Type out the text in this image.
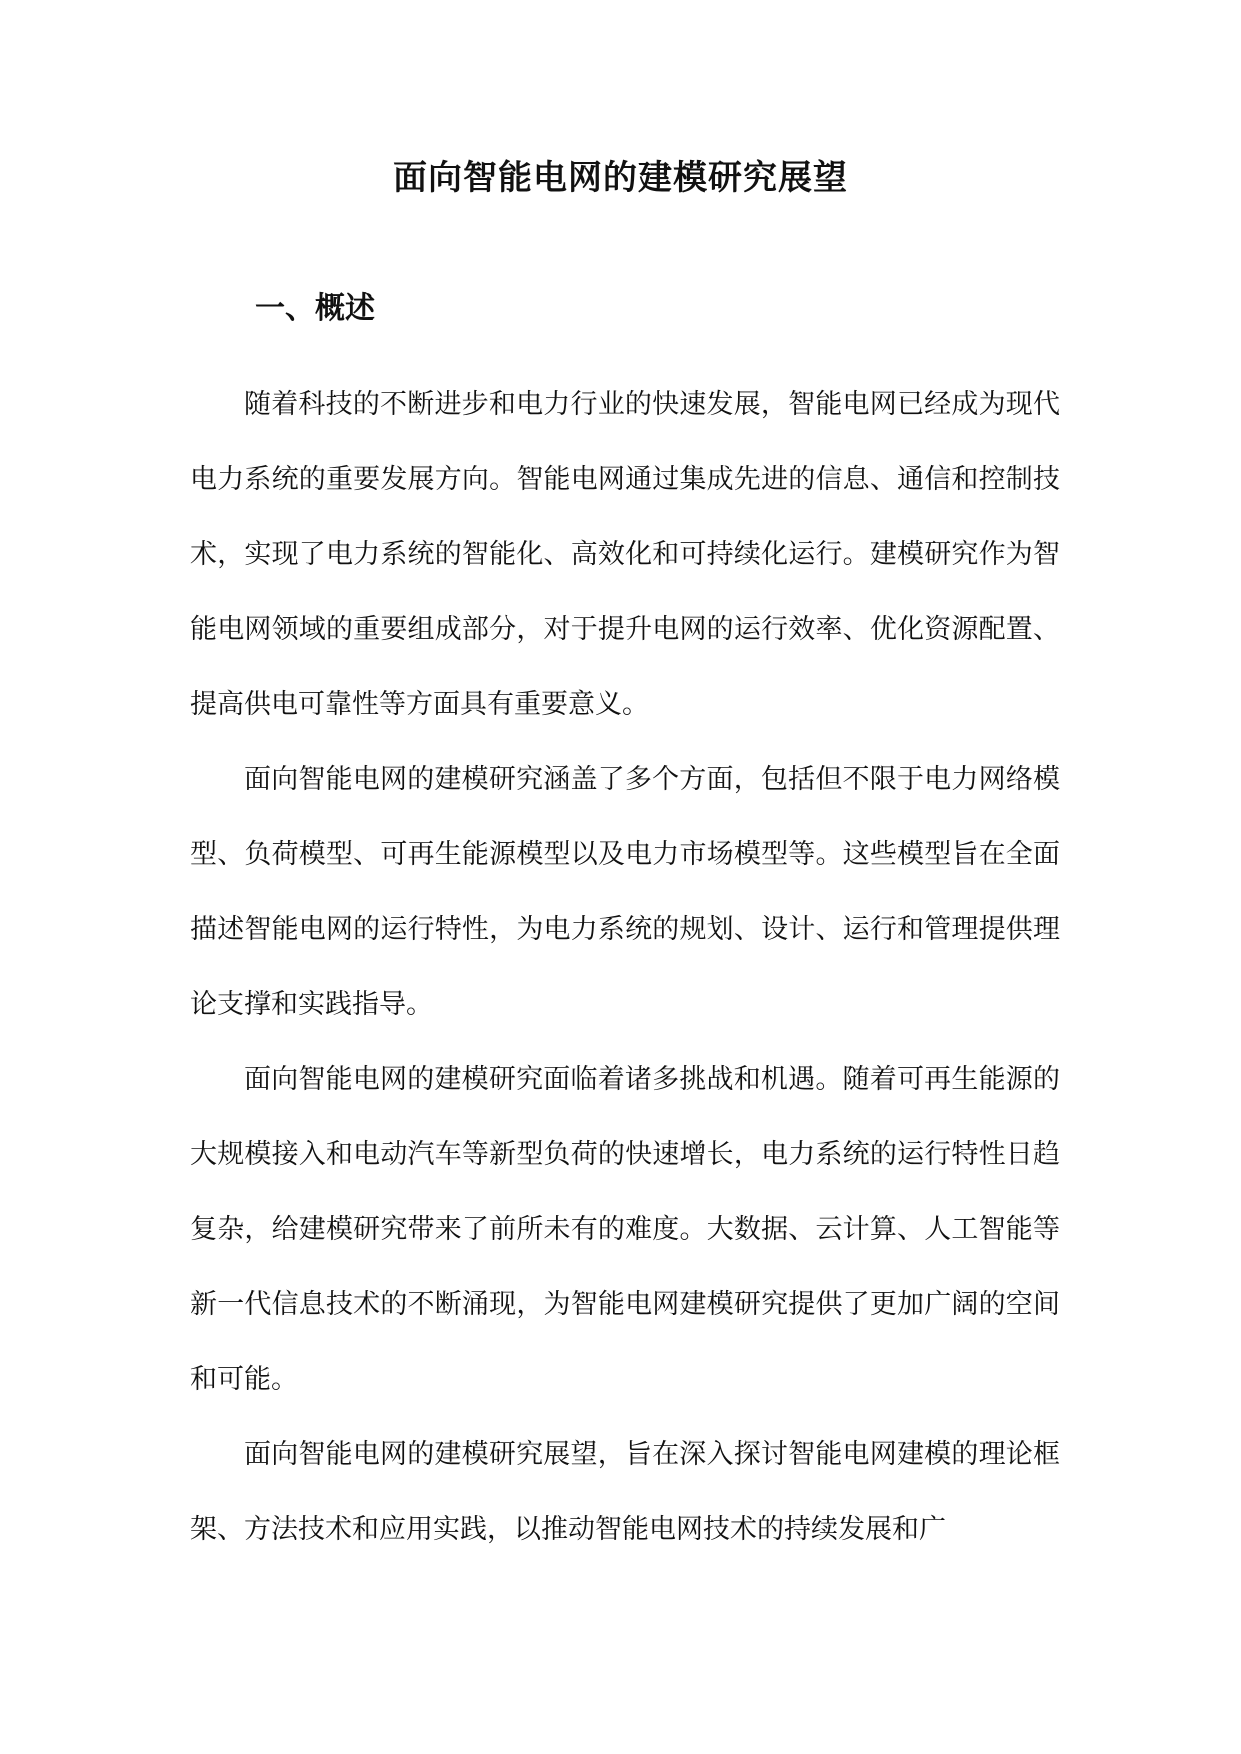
面向智能电网的建模研究展望
一、概述

随着科技的不断进步和电力行业的快速发展，智能电网已经成为现代电力系统的重要发展方向。智能电网通过集成先进的信息、通信和控制技术，实现了电力系统的智能化、高效化和可持续化运行。建模研究作为智能电网领域的重要组成部分，对于提升电网的运行效率、优化资源配置、提高供电可靠性等方面具有重要意义。

面向智能电网的建模研究涵盖了多个方面，包括但不限于电力网络模型、负荷模型、可再生能源模型以及电力市场模型等。这些模型旨在全面描述智能电网的运行特性，为电力系统的规划、设计、运行和管理提供理论支撑和实践指导。

面向智能电网的建模研究面临着诸多挑战和机遇。随着可再生能源的大规模接入和电动汽车等新型负荷的快速增长，电力系统的运行特性日趋复杂，给建模研究带来了前所未有的难度。大数据、云计算、人工智能等新一代信息技术的不断涌现，为智能电网建模研究提供了更加广阔的空间和可能。

面向智能电网的建模研究展望，旨在深入探讨智能电网建模的理论框架、方法技术和应用实践，以推动智能电网技术的持续发展和广
